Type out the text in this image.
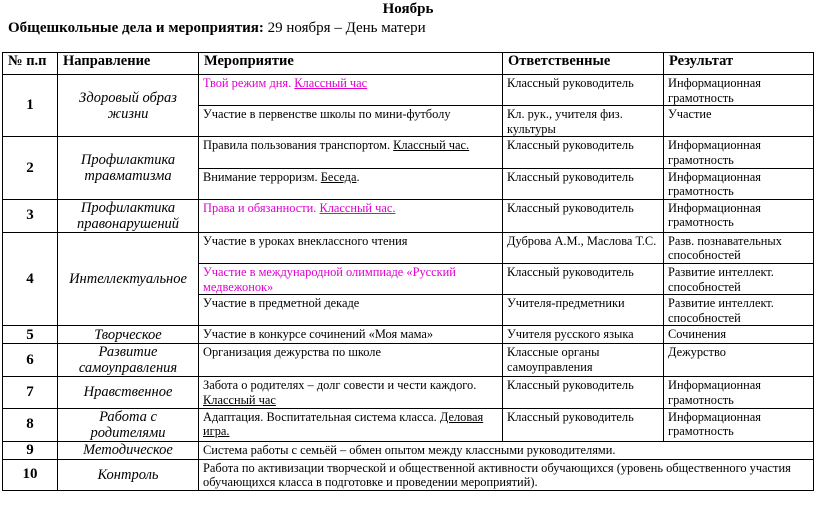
Ноябрь
Общешкольные дела и мероприятия: 29 ноября – День матери
№ п.п	Направление	Мероприятие	Ответственные	Результат
1	Здоровый образ жизни	Твой режим дня. Классный час	Классный руководитель	Информационная грамотность
		Участие в первенстве школы по мини-футболу	Кл. рук., учителя физ. культуры	Участие
2	Профилактика травматизма	Правила пользования транспортом. Классный час.	Классный руководитель	Информационная грамотность
		Внимание терроризм. Беседа.	Классный руководитель	Информационная грамотность
3	Профилактика правонарушений	Права и обязанности. Классный час.	Классный руководитель	Информационная грамотность
4	Интеллектуальное	Участие в уроках внеклассного чтения	Дуброва А.М., Маслова Т.С.	Разв. познавательных способностей
		Участие в международной олимпиаде «Русский медвежонок»	Классный руководитель	Развитие интеллект. способностей
		Участие в предметной декаде	Учителя-предметники	Развитие интеллект. способностей
5	Творческое	Участие в конкурсе сочинений «Моя мама»	Учителя русского языка	Сочинения
6	Развитие самоуправления	Организация дежурства по школе	Классные органы самоуправления	Дежурство
7	Нравственное	Забота о родителях – долг совести и чести каждого. Классный час	Классный руководитель	Информационная грамотность
8	Работа с родителями	Адаптация. Воспитательная система класса. Деловая игра.	Классный руководитель	Информационная грамотность
9	Методическое	Система работы с семьёй – обмен опытом между классными руководителями.		
10	Контроль	Работа по активизации творческой и общественной активности обучающихся (уровень общественного участия обучающихся класса в подготовке и проведении мероприятий).		
